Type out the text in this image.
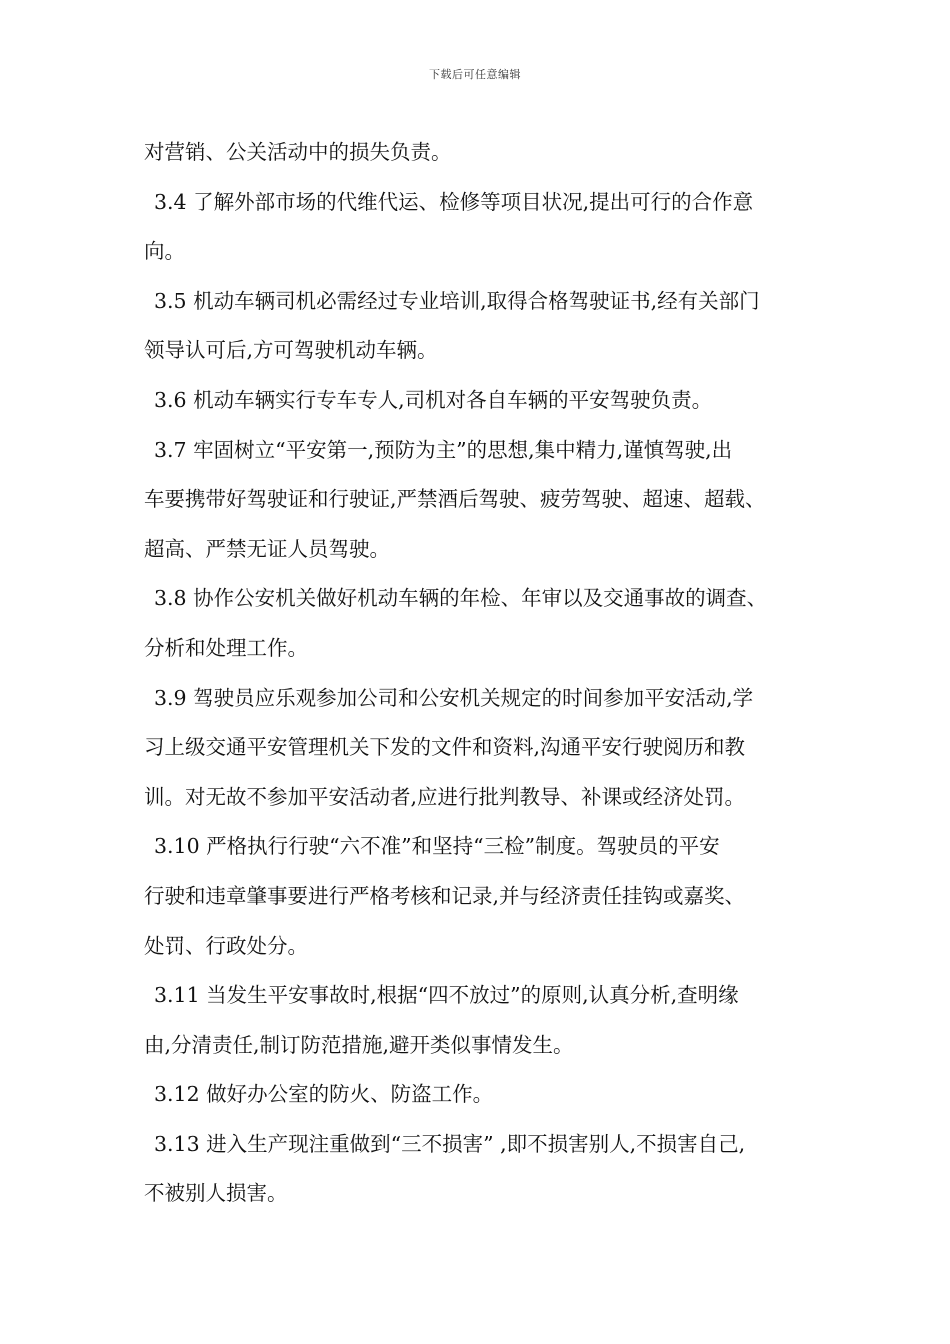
下载后可任意编辑
对营销、公关活动中的损失负责。
3.4 了解外部市场的代维代运、检修等项目状况,提出可行的合作意
向。
3.5 机动车辆司机必需经过专业培训,取得合格驾驶证书,经有关部门
领导认可后,方可驾驶机动车辆。
3.6 机动车辆实行专车专人,司机对各自车辆的平安驾驶负责。
3.7 牢固树立“平安第一,预防为主”的思想,集中精力,谨慎驾驶,出
车要携带好驾驶证和行驶证,严禁酒后驾驶、疲劳驾驶、超速、超载、
超高、严禁无证人员驾驶。
3.8 协作公安机关做好机动车辆的年检、年审以及交通事故的调查、
分析和处理工作。
3.9 驾驶员应乐观参加公司和公安机关规定的时间参加平安活动,学
习上级交通平安管理机关下发的文件和资料,沟通平安行驶阅历和教
训。对无故不参加平安活动者,应进行批判教导、补课或经济处罚。
3.10 严格执行行驶“六不准”和坚持“三检”制度。驾驶员的平安
行驶和违章肇事要进行严格考核和记录,并与经济责任挂钩或嘉奖、
处罚、行政处分。
3.11 当发生平安事故时,根据“四不放过”的原则,认真分析,查明缘
由,分清责任,制订防范措施,避开类似事情发生。
3.12 做好办公室的防火、防盗工作。
3.13 进入生产现注重做到“三不损害” ,即不损害别人,不损害自己,
不被别人损害。
